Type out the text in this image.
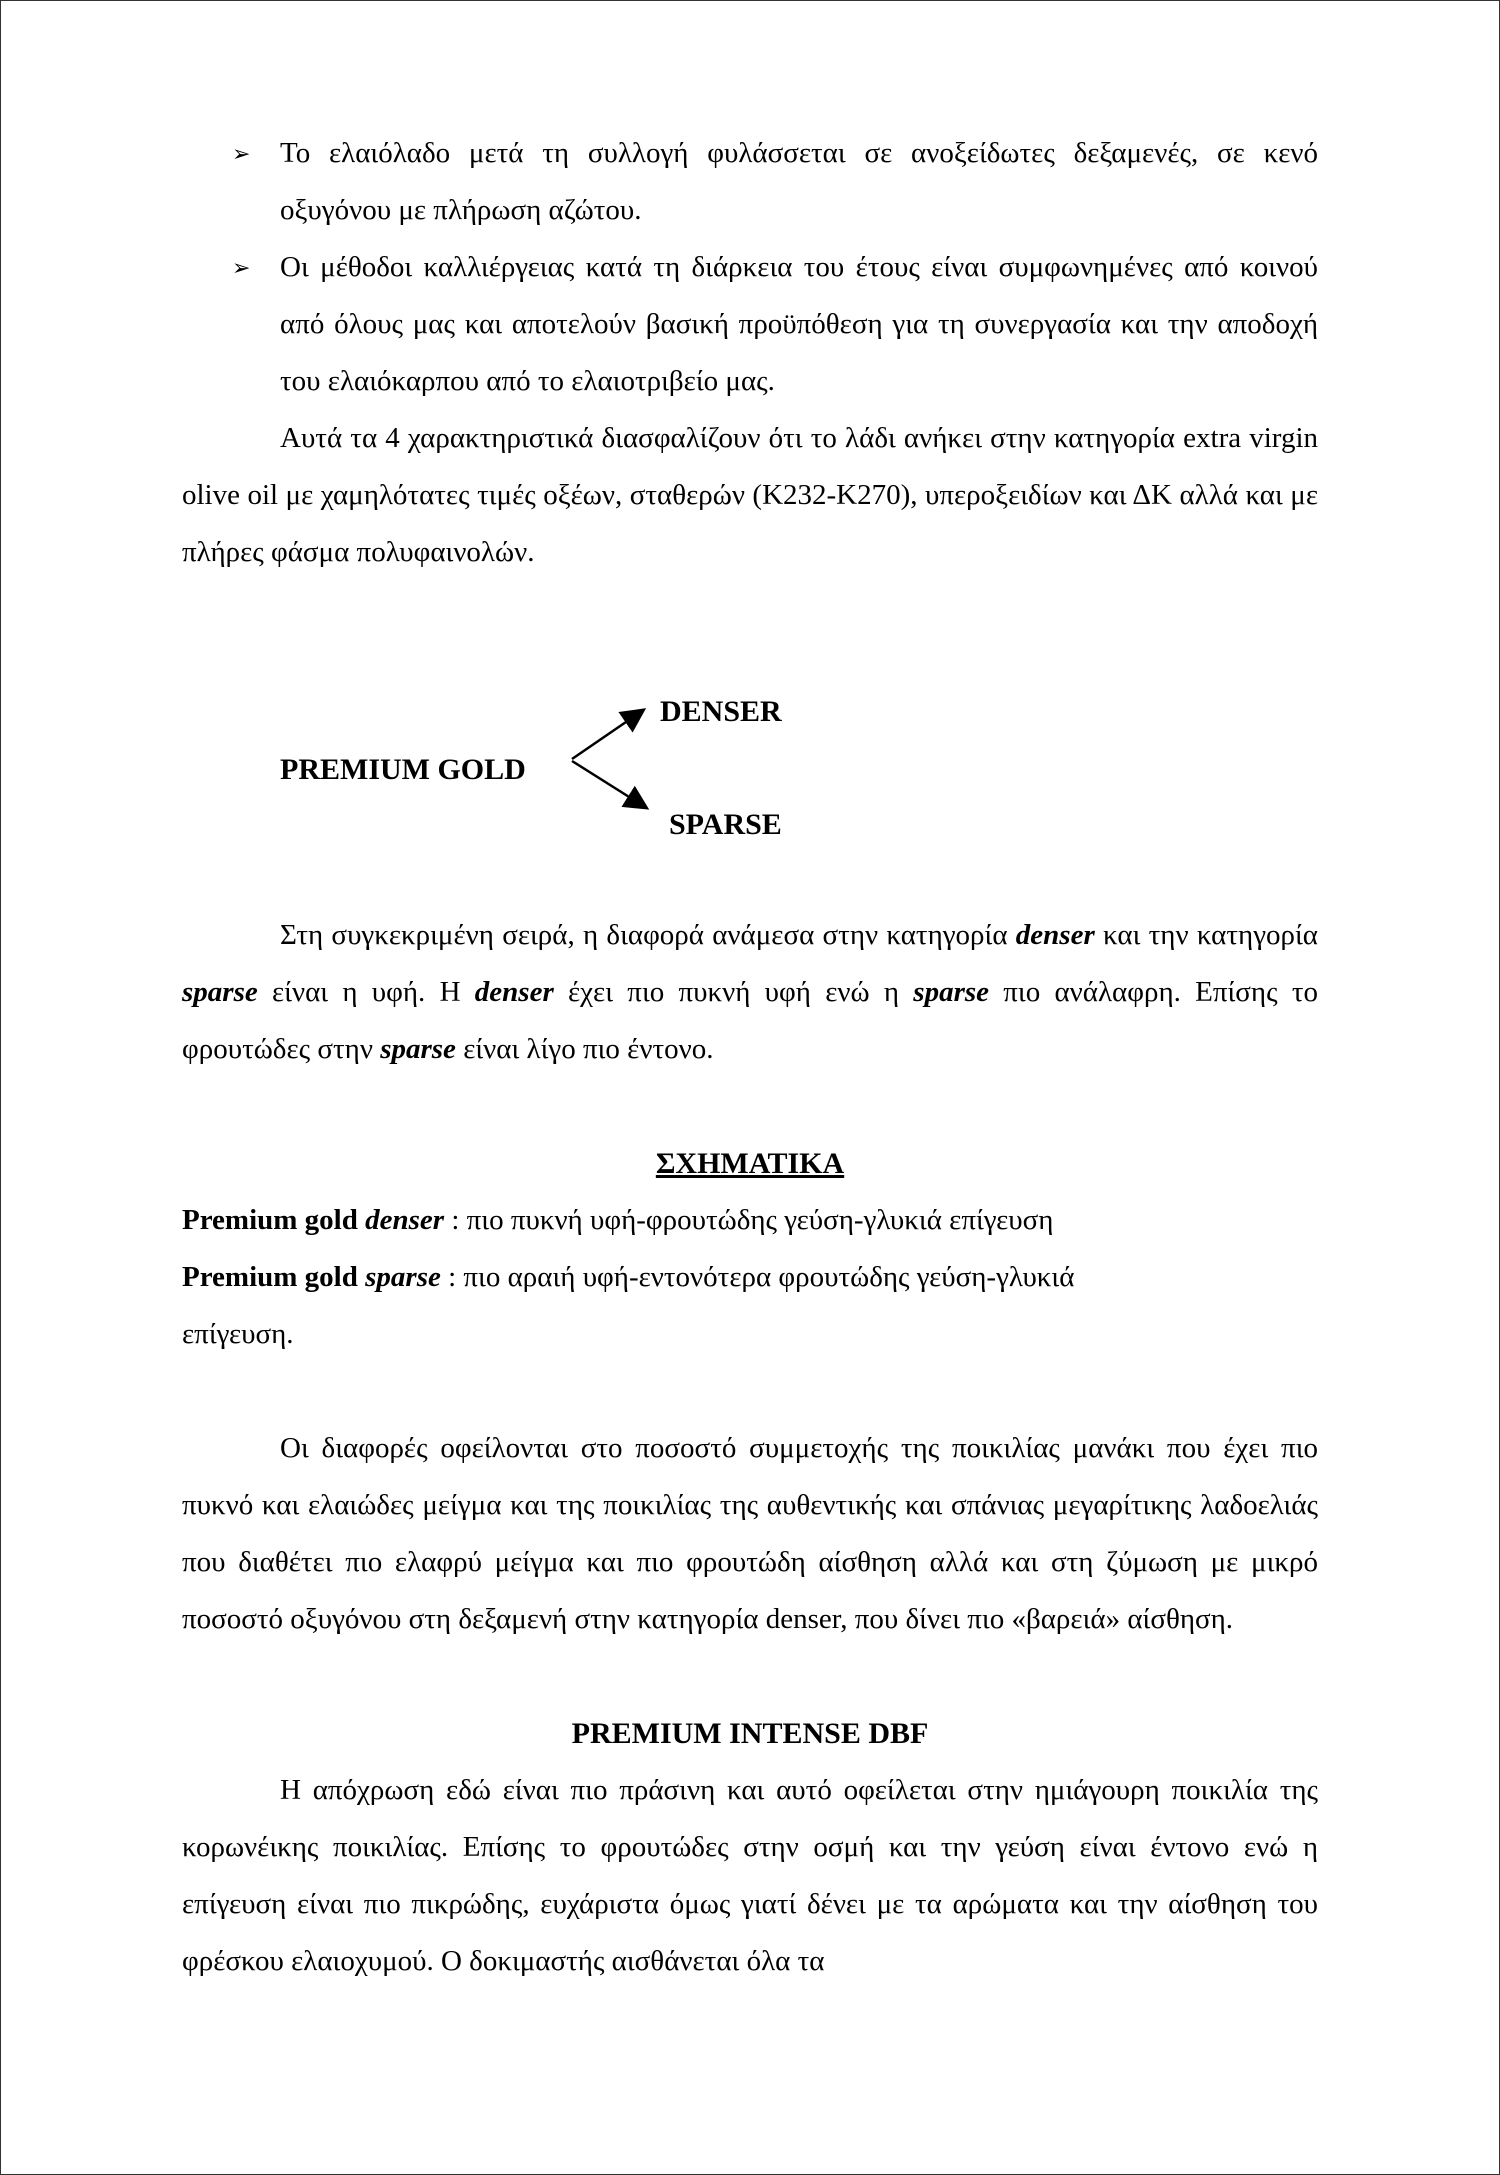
➢ Το ελαιόλαδο μετά τη συλλογή φυλάσσεται σε ανοξείδωτες δεξαμενές, σε κενό οξυγόνου με πλήρωση αζώτου.

➢ Οι μέθοδοι καλλιέργειας κατά τη διάρκεια του έτους είναι συμφωνημένες από κοινού από όλους μας και αποτελούν βασική προϋπόθεση για τη συνεργασία και την αποδοχή του ελαιόκαρπου από το ελαιοτριβείο μας.

Αυτά τα 4 χαρακτηριστικά διασφαλίζουν ότι το λάδι ανήκει στην κατηγορία extra virgin olive oil με χαμηλότατες τιμές οξέων, σταθερών (Κ232-Κ270), υπεροξειδίων και ΔΚ αλλά και με πλήρες φάσμα πολυφαινολών.

PREMIUM GOLD
DENSER
SPARSE

Στη συγκεκριμένη σειρά, η διαφορά ανάμεσα στην κατηγορία denser και την κατηγορία sparse είναι η υφή. Η denser έχει πιο πυκνή υφή ενώ η sparse πιο ανάλαφρη. Επίσης το φρουτώδες στην sparse είναι λίγο πιο έντονο.

ΣΧΗΜΑΤΙΚΑ

Premium gold denser : πιο πυκνή υφή-φρουτώδης γεύση-γλυκιά επίγευση

Premium gold sparse : πιο αραιή υφή-εντονότερα φρουτώδης γεύση-γλυκιά

επίγευση.

Οι διαφορές οφείλονται στο ποσοστό συμμετοχής της ποικιλίας μανάκι που έχει πιο πυκνό και ελαιώδες μείγμα και της ποικιλίας της αυθεντικής και σπάνιας μεγαρίτικης λαδοελιάς που διαθέτει πιο ελαφρύ μείγμα και πιο φρουτώδη αίσθηση αλλά και στη ζύμωση με μικρό ποσοστό οξυγόνου στη δεξαμενή στην κατηγορία denser, που δίνει πιο «βαρειά» αίσθηση.

PREMIUM INTENSE DBF

Η απόχρωση εδώ είναι πιο πράσινη και αυτό οφείλεται στην ημιάγουρη ποικιλία της κορωνέικης ποικιλίας. Επίσης το φρουτώδες στην οσμή και την γεύση είναι έντονο ενώ η επίγευση είναι πιο πικρώδης, ευχάριστα όμως γιατί δένει με τα αρώματα και την αίσθηση του φρέσκου ελαιοχυμού. Ο δοκιμαστής αισθάνεται όλα τα
